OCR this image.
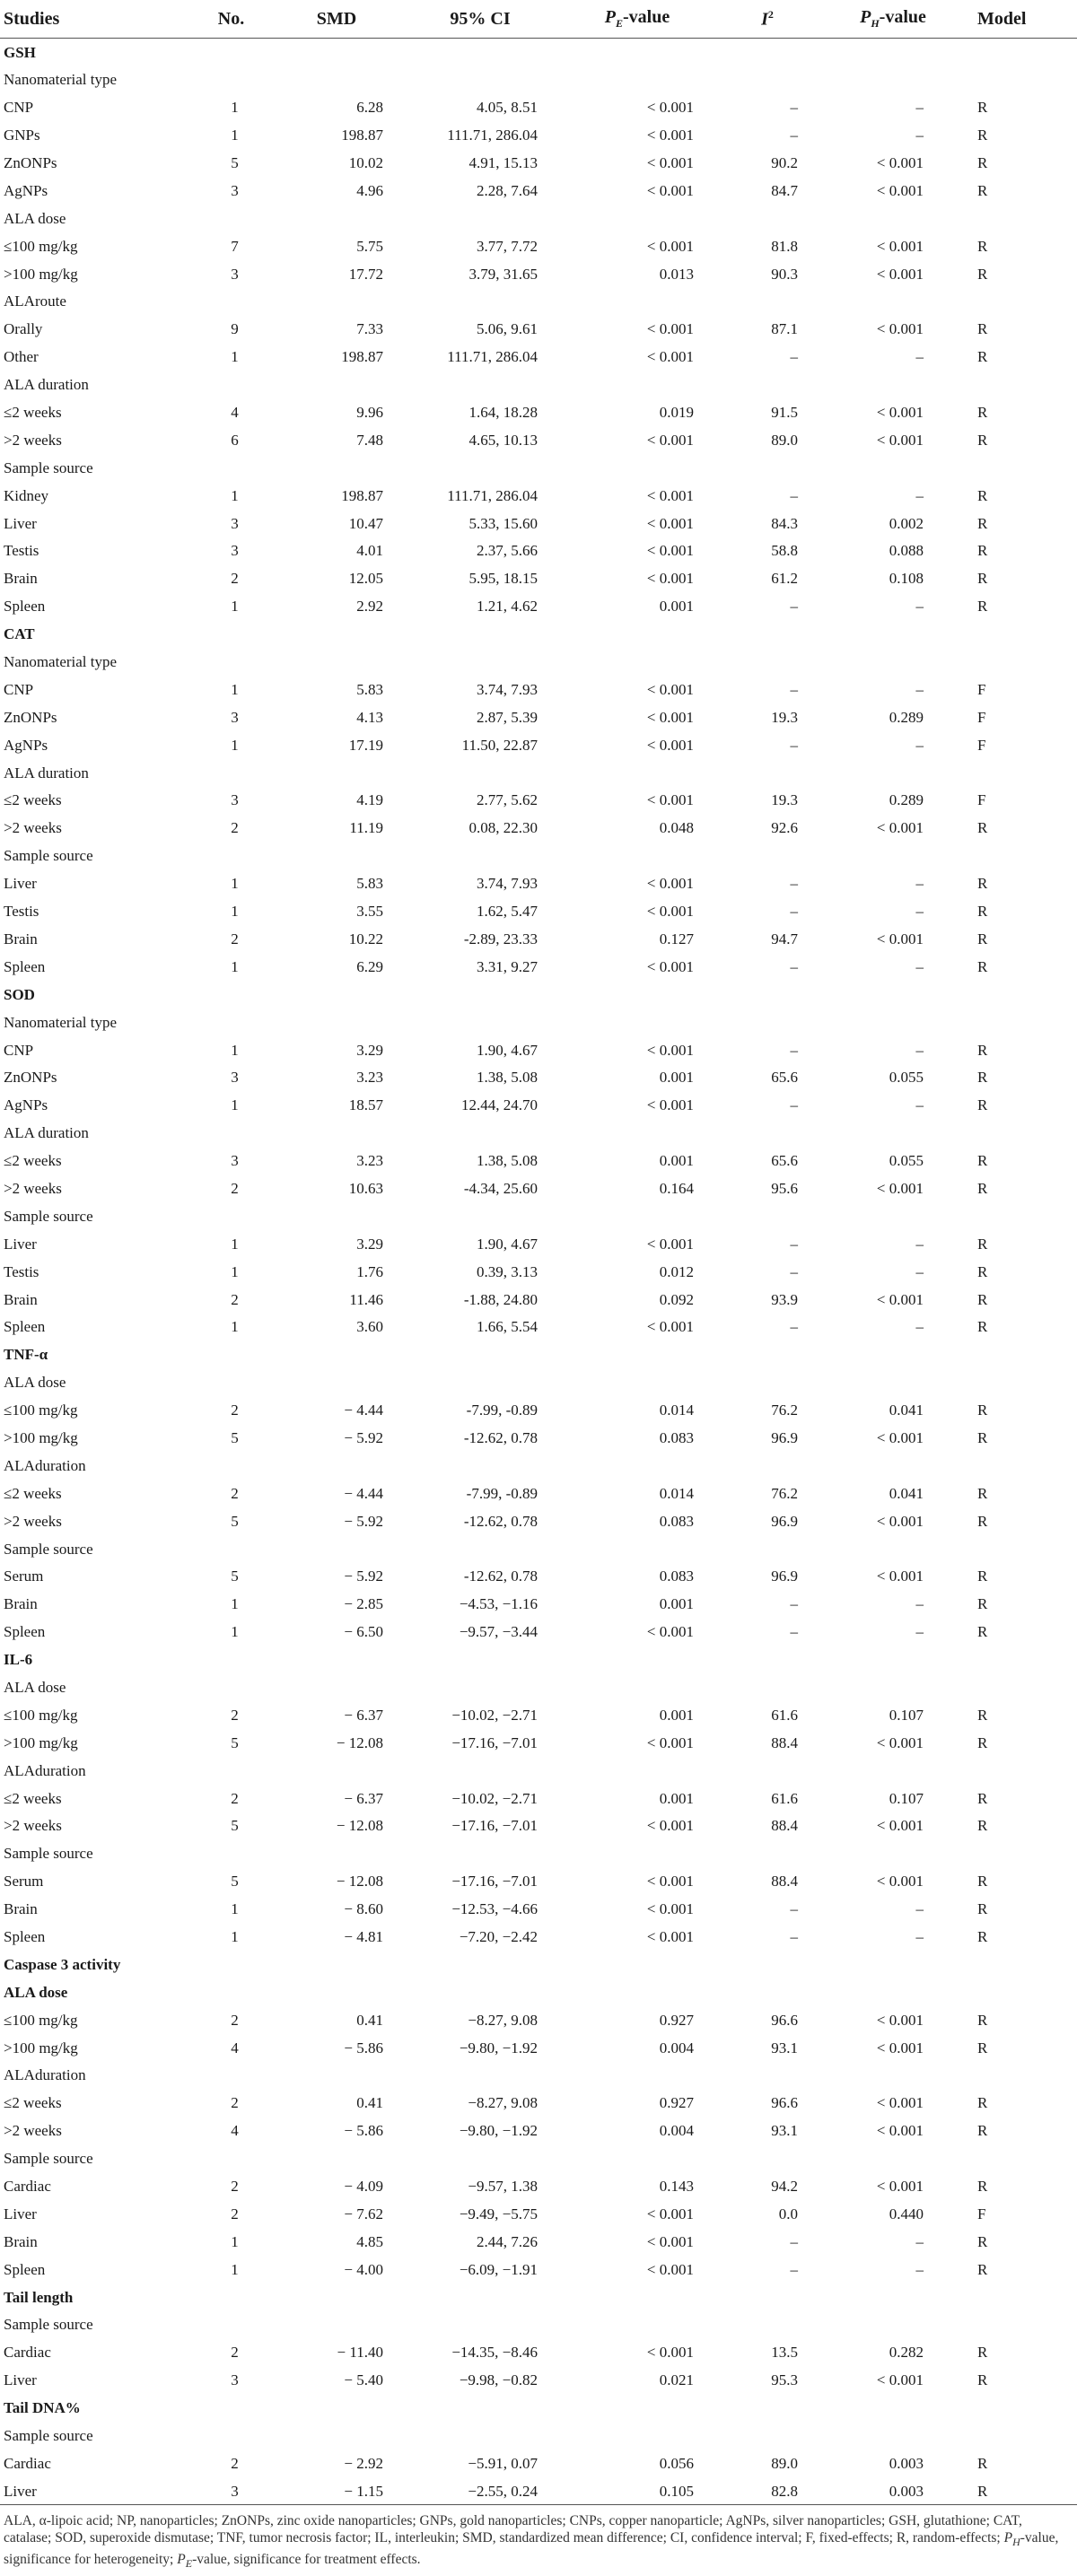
Studies	No.	SMD	95% CI	$P_E$-value	$I^2$	$P_H$-value	Model
GSH							
Nanomaterial type							
CNP	1	6.28	4.05, 8.51	< 0.001	–	–	R
GNPs	1	198.87	111.71, 286.04	< 0.001	–	–	R
ZnONPs	5	10.02	4.91, 15.13	< 0.001	90.2	< 0.001	R
AgNPs	3	4.96	2.28, 7.64	< 0.001	84.7	< 0.001	R
ALA dose							
≤100 mg/kg	7	5.75	3.77, 7.72	< 0.001	81.8	< 0.001	R
>100 mg/kg	3	17.72	3.79, 31.65	0.013	90.3	< 0.001	R
ALAroute							
Orally	9	7.33	5.06, 9.61	< 0.001	87.1	< 0.001	R
Other	1	198.87	111.71, 286.04	< 0.001	–	–	R
ALA duration							
≤2 weeks	4	9.96	1.64, 18.28	0.019	91.5	< 0.001	R
>2 weeks	6	7.48	4.65, 10.13	< 0.001	89.0	< 0.001	R
Sample source							
Kidney	1	198.87	111.71, 286.04	< 0.001	–	–	R
Liver	3	10.47	5.33, 15.60	< 0.001	84.3	0.002	R
Testis	3	4.01	2.37, 5.66	< 0.001	58.8	0.088	R
Brain	2	12.05	5.95, 18.15	< 0.001	61.2	0.108	R
Spleen	1	2.92	1.21, 4.62	0.001	–	–	R
CAT							
Nanomaterial type							
CNP	1	5.83	3.74, 7.93	< 0.001	–	–	F
ZnONPs	3	4.13	2.87, 5.39	< 0.001	19.3	0.289	F
AgNPs	1	17.19	11.50, 22.87	< 0.001	–	–	F
ALA duration							
≤2 weeks	3	4.19	2.77, 5.62	< 0.001	19.3	0.289	F
>2 weeks	2	11.19	0.08, 22.30	0.048	92.6	< 0.001	R
Sample source							
Liver	1	5.83	3.74, 7.93	< 0.001	–	–	R
Testis	1	3.55	1.62, 5.47	< 0.001	–	–	R
Brain	2	10.22	-2.89, 23.33	0.127	94.7	< 0.001	R
Spleen	1	6.29	3.31, 9.27	< 0.001	–	–	R
SOD							
Nanomaterial type							
CNP	1	3.29	1.90, 4.67	< 0.001	–	–	R
ZnONPs	3	3.23	1.38, 5.08	0.001	65.6	0.055	R
AgNPs	1	18.57	12.44, 24.70	< 0.001	–	–	R
ALA duration							
≤2 weeks	3	3.23	1.38, 5.08	0.001	65.6	0.055	R
>2 weeks	2	10.63	-4.34, 25.60	0.164	95.6	< 0.001	R
Sample source							
Liver	1	3.29	1.90, 4.67	< 0.001	–	–	R
Testis	1	1.76	0.39, 3.13	0.012	–	–	R
Brain	2	11.46	-1.88, 24.80	0.092	93.9	< 0.001	R
Spleen	1	3.60	1.66, 5.54	< 0.001	–	–	R
TNF-α							
ALA dose							
≤100 mg/kg	2	− 4.44	-7.99, -0.89	0.014	76.2	0.041	R
>100 mg/kg	5	− 5.92	-12.62, 0.78	0.083	96.9	< 0.001	R
ALAduration							
≤2 weeks	2	− 4.44	-7.99, -0.89	0.014	76.2	0.041	R
>2 weeks	5	− 5.92	-12.62, 0.78	0.083	96.9	< 0.001	R
Sample source							
Serum	5	− 5.92	-12.62, 0.78	0.083	96.9	< 0.001	R
Brain	1	− 2.85	−4.53, −1.16	0.001	–	–	R
Spleen	1	− 6.50	−9.57, −3.44	< 0.001	–	–	R
IL-6							
ALA dose							
≤100 mg/kg	2	− 6.37	−10.02, −2.71	0.001	61.6	0.107	R
>100 mg/kg	5	− 12.08	−17.16, −7.01	< 0.001	88.4	< 0.001	R
ALAduration							
≤2 weeks	2	− 6.37	−10.02, −2.71	0.001	61.6	0.107	R
>2 weeks	5	− 12.08	−17.16, −7.01	< 0.001	88.4	< 0.001	R
Sample source							
Serum	5	− 12.08	−17.16, −7.01	< 0.001	88.4	< 0.001	R
Brain	1	− 8.60	−12.53, −4.66	< 0.001	–	–	R
Spleen	1	− 4.81	−7.20, −2.42	< 0.001	–	–	R
Caspase 3 activity							
ALA dose							
≤100 mg/kg	2	0.41	−8.27, 9.08	0.927	96.6	< 0.001	R
>100 mg/kg	4	− 5.86	−9.80, −1.92	0.004	93.1	< 0.001	R
ALAduration							
≤2 weeks	2	0.41	−8.27, 9.08	0.927	96.6	< 0.001	R
>2 weeks	4	− 5.86	−9.80, −1.92	0.004	93.1	< 0.001	R
Sample source							
Cardiac	2	− 4.09	−9.57, 1.38	0.143	94.2	< 0.001	R
Liver	2	− 7.62	−9.49, −5.75	< 0.001	0.0	0.440	F
Brain	1	4.85	2.44, 7.26	< 0.001	–	–	R
Spleen	1	− 4.00	−6.09, −1.91	< 0.001	–	–	R
Tail length							
Sample source							
Cardiac	2	− 11.40	−14.35, −8.46	< 0.001	13.5	0.282	R
Liver	3	− 5.40	−9.98, −0.82	0.021	95.3	< 0.001	R
Tail DNA%							
Sample source							
Cardiac	2	− 2.92	−5.91, 0.07	0.056	89.0	0.003	R
Liver	3	− 1.15	−2.55, 0.24	0.105	82.8	0.003	R
ALA, α-lipoic acid; NP, nanoparticles; ZnONPs, zinc oxide nanoparticles; GNPs, gold nanoparticles; CNPs, copper nanoparticle; AgNPs, silver nanoparticles; GSH, glutathione; CAT, catalase; SOD, superoxide dismutase; TNF, tumor necrosis factor; IL, interleukin; SMD, standardized mean difference; CI, confidence interval; F, fixed-effects; R, random-effects; $P_H$-value, significance for heterogeneity; $P_E$-value, significance for treatment effects.
